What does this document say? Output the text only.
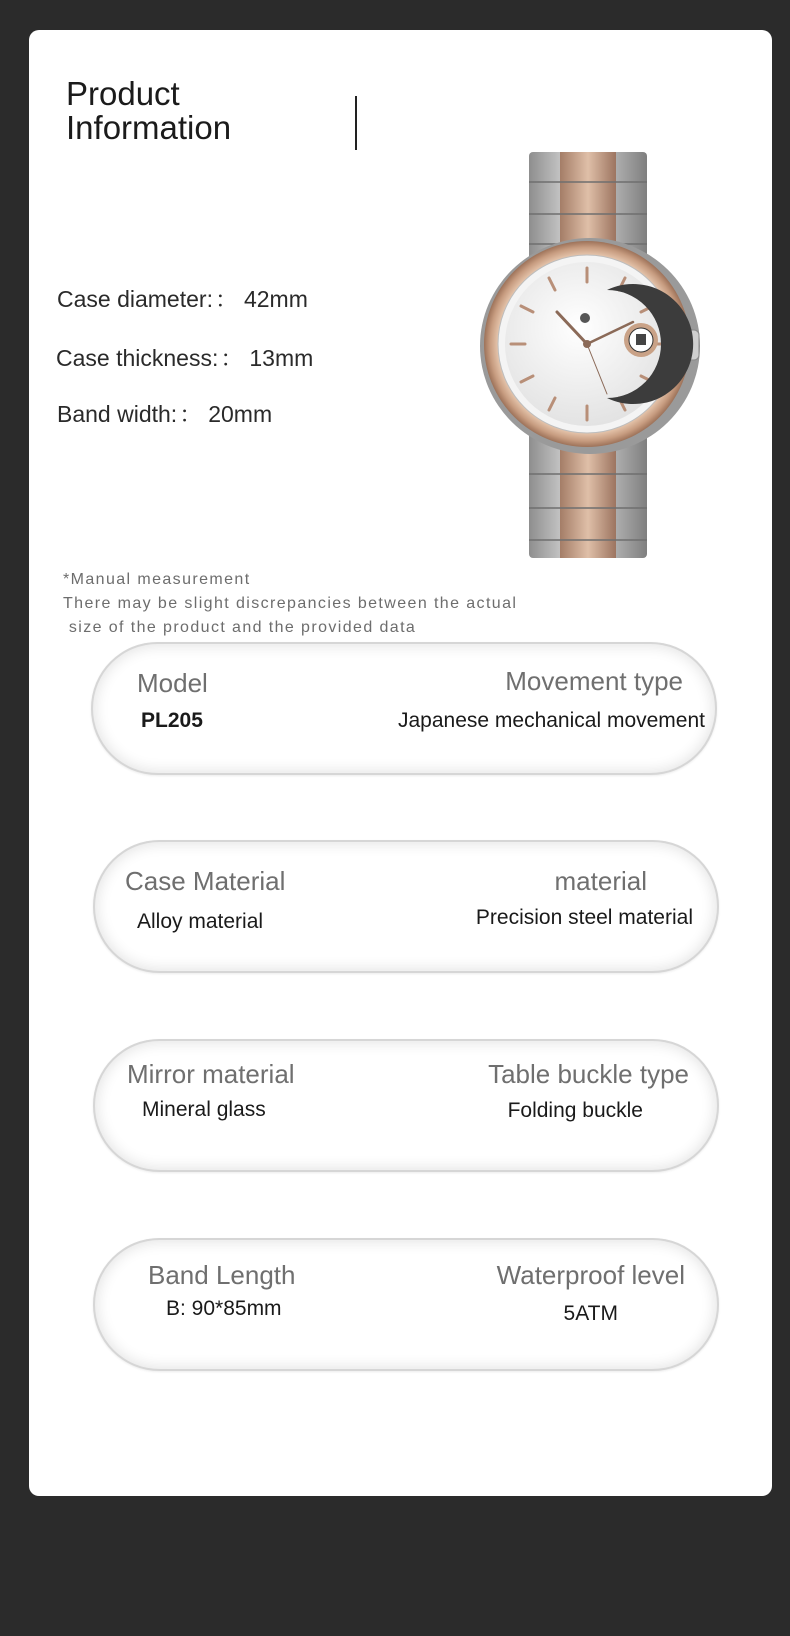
Product
Information
Case diameter:： 42mm
Case thickness:： 13mm
Band width:： 20mm
*Manual measurement
There may be slight discrepancies between the actual
size of the product and the provided data
Model
PL205
Movement type
Japanese mechanical movement
Case Material
Alloy material
material
Precision steel material
Mirror material
Mineral glass
Table buckle type
Folding buckle
Band Length
B: 90*85mm
Waterproof level
5ATM
